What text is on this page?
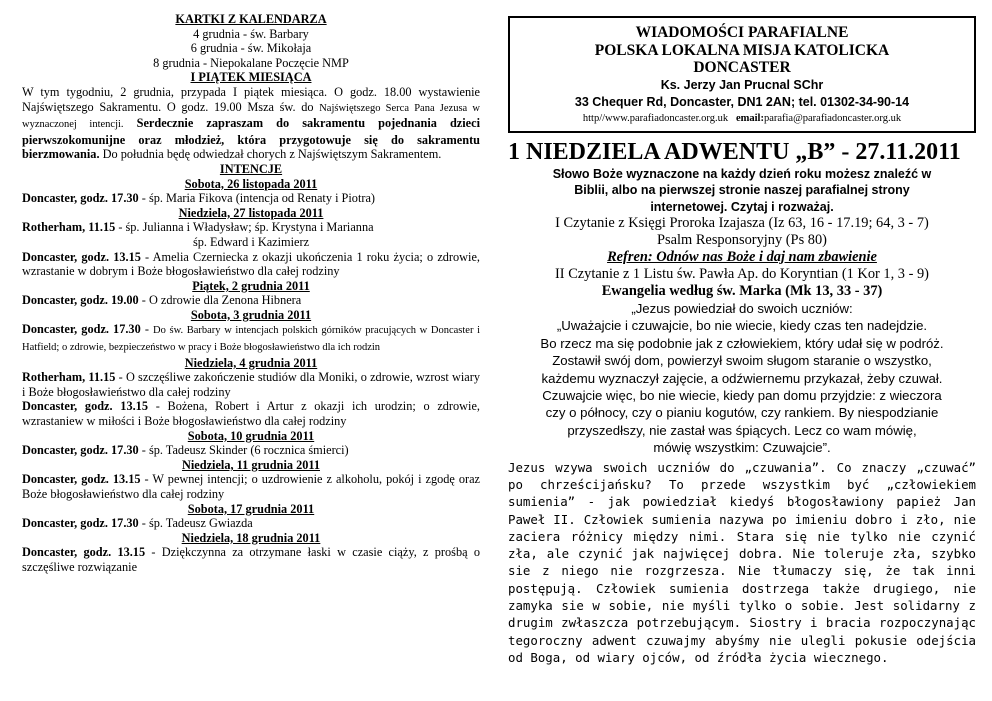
KARTKI Z KALENDARZA
4 grudnia - św. Barbary
6 grudnia - św. Mikołaja
8 grudnia - Niepokalane Poczęcie NMP
I PIĄTEK MIESIĄCA

W tym tygodniu, 2 grudnia, przypada I piątek miesiąca. O godz. 18.00 wystawienie Najświętszego Sakramentu. O godz. 19.00 Msza św. do Najświętszego Serca Pana Jezusa w wyznaczonej intencji. Serdecznie zapraszam do sakramentu pojednania dzieci pierwszokomunijne oraz młodzież, która przygotowuje się do sakramentu bierzmowania. Do południa będę odwiedzał chorych z Najświętszym Sakramentem.

INTENCJE
Sobota, 26 listopada 2011

Doncaster, godz. 17.30 - śp. Maria Fikova (intencja od Renaty i Piotra)

Niedziela, 27 listopada 2011

Rotherham, 11.15 - śp. Julianna i Władysław; śp. Krystyna i Marianna

śp. Edward i Kazimierz

Doncaster, godz. 13.15 - Amelia Czerniecka z okazji ukończenia 1 roku życia; o zdrowie, wzrastanie w dobrym i Boże błogosławieństwo dla całej rodziny

Piątek, 2 grudnia 2011

Doncaster, godz. 19.00 - O zdrowie dla Zenona Hibnera

Sobota, 3 grudnia 2011

Doncaster, godz. 17.30 - Do św. Barbary w intencjach polskich górników pracujących w Doncaster i Hatfield; o zdrowie, bezpieczeństwo w pracy i Boże błogosławieństwo dla ich rodzin

Niedziela, 4 grudnia 2011

Rotherham, 11.15 - O szczęśliwe zakończenie studiów dla Moniki, o zdrowie, wzrost wiary i Boże błogosławieństwo dla całej rodziny

Doncaster, godz. 13.15 - Bożena, Robert i Artur z okazji ich urodzin; o zdrowie, wzrastaniew w miłości i Boże błogosławieństwo dla całej rodziny

Sobota, 10 grudnia 2011

Doncaster, godz. 17.30 - śp. Tadeusz Skinder (6 rocznica śmierci)

Niedziela, 11 grudnia 2011

Doncaster, godz. 13.15 - W pewnej intencji; o uzdrowienie z alkoholu, pokój i zgodę oraz Boże błogosławieństwo dla całej rodziny

Sobota, 17 grudnia 2011

Doncaster, godz. 17.30 - śp. Tadeusz Gwiazda

Niedziela, 18 grudnia 2011

Doncaster, godz. 13.15 - Dziękczynna za otrzymane łaski w czasie ciąży, z prośbą o szczęśliwe rozwiązanie

WIADOMOŚCI PARAFIALNE
POLSKA LOKALNA MISJA KATOLICKA
DONCASTER
Ks. Jerzy Jan Prucnal SChr
33 Chequer Rd, Doncaster, DN1 2AN; tel. 01302-34-90-14
http//www.parafiadoncaster.org.uk email:parafia@parafiadoncaster.org.uk
1 NIEDZIELA ADWENTU „B” - 27.11.2011
Słowo Boże wyznaczone na każdy dzień roku możesz znaleźć w
Biblii, albo na pierwszej stronie naszej parafialnej strony
internetowej. Czytaj i rozważaj.
I Czytanie z Księgi Proroka Izajasza (Iz 63, 16 - 17.19; 64, 3 - 7)
Psalm Responsoryjny (Ps 80)
Refren: Odnów nas Boże i daj nam zbawienie
II Czytanie z 1 Listu św. Pawła Ap. do Koryntian (1 Kor 1, 3 - 9)
Ewangelia według św. Marka (Mk 13, 33 - 37)
„Jezus powiedział do swoich uczniów:
„Uważajcie i czuwajcie, bo nie wiecie, kiedy czas ten nadejdzie.
Bo rzecz ma się podobnie jak z człowiekiem, który udał się w podróż.
Zostawił swój dom, powierzył swoim sługom staranie o wszystko,
każdemu wyznaczył zajęcie, a odźwiernemu przykazał, żeby czuwał.
Czuwajcie więc, bo nie wiecie, kiedy pan domu przyjdzie: z wieczora
czy o północy, czy o pianiu kogutów, czy rankiem. By niespodzianie
przyszedłszy, nie zastał was śpiących. Lecz co wam mówię,
mówię wszystkim: Czuwajcie”.
Jezus wzywa swoich uczniów do „czuwania”. Co znaczy „czuwać” po chrześcijańsku? To przede wszystkim być „człowiekiem sumienia” - jak powiedział kiedyś błogosławiony papież Jan Paweł II. Człowiek sumienia nazywa po imieniu dobro i zło, nie zaciera różnicy między nimi. Stara się nie tylko nie czynić zła, ale czynić jak najwięcej dobra. Nie toleruje zła, szybko sie z niego nie rozgrzesza. Nie tłumaczy się, że tak inni postępują. Człowiek sumienia dostrzega także drugiego, nie zamyka sie w sobie, nie myśli tylko o sobie. Jest solidarny z drugim zwłaszcza potrzebującym. Siostry i bracia rozpoczynając tegoroczny adwent czuwajmy abyśmy nie ulegli pokusie odejścia od Boga, od wiary ojców, od źródła życia wiecznego.
